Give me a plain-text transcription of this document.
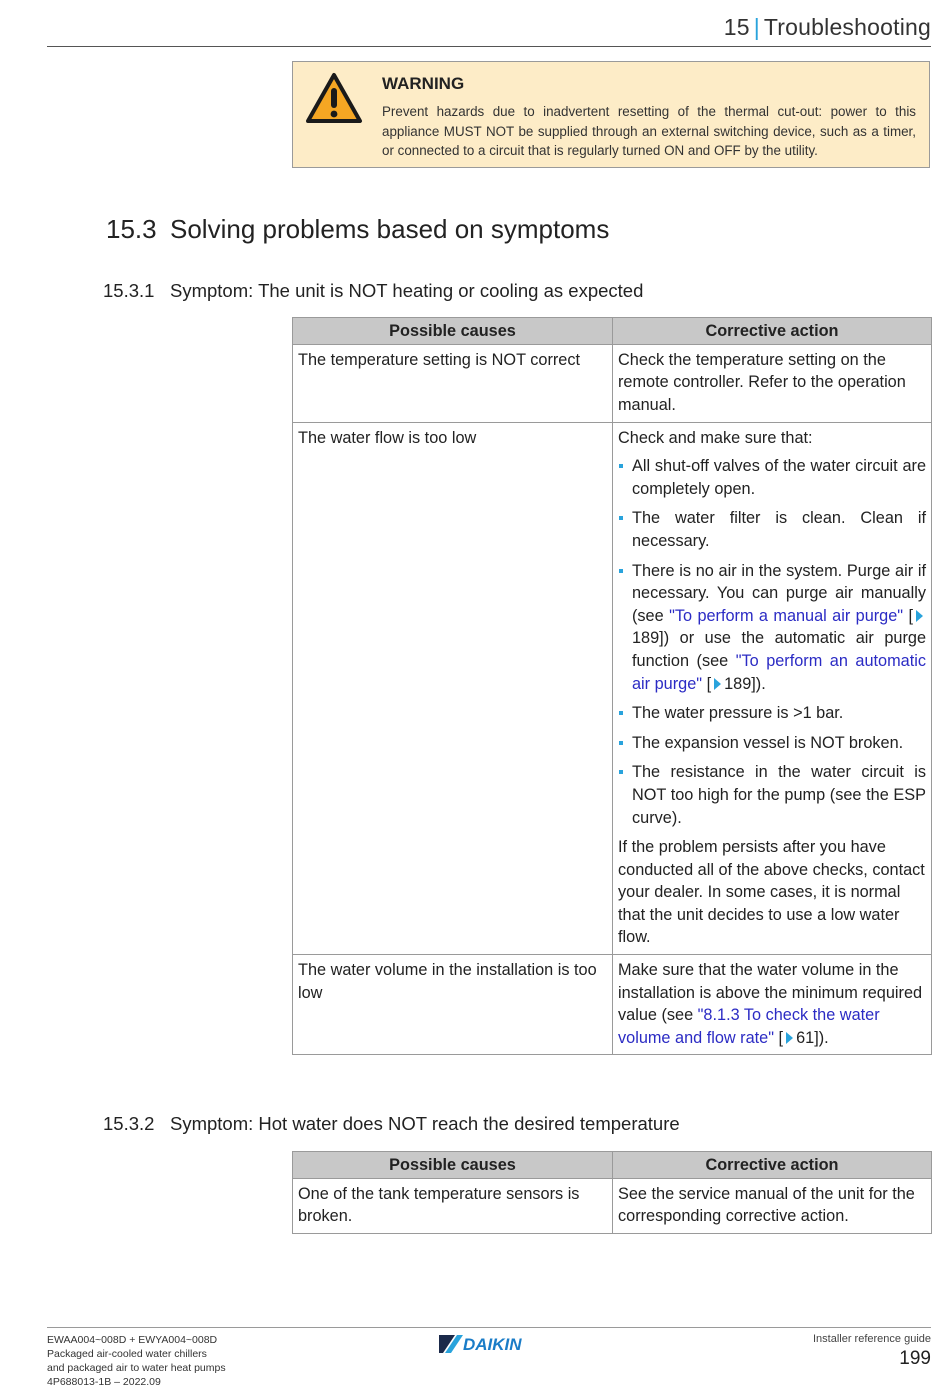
15 | Troubleshooting
WARNING
Prevent hazards due to inadvertent resetting of the thermal cut-out: power to this appliance MUST NOT be supplied through an external switching device, such as a timer, or connected to a circuit that is regularly turned ON and OFF by the utility.
15.3 Solving problems based on symptoms
15.3.1 Symptom: The unit is NOT heating or cooling as expected
Possible causes	Corrective action
The temperature setting is NOT correct	Check the temperature setting on the remote controller. Refer to the operation manual.
The water flow is too low	Check and make sure that:

All shut-off valves of the water circuit are completely open.
The water filter is clean. Clean if necessary.
There is no air in the system. Purge air if necessary. You can purge air manually (see "To perform a manual air purge" [ 189]) or use the automatic air purge function (see "To perform an automatic air purge" [ 189]).
The water pressure is >1 bar.
The expansion vessel is NOT broken.
The resistance in the water circuit is NOT too high for the pump (see the ESP curve).

If the problem persists after you have conducted all of the above checks, contact your dealer. In some cases, it is normal that the unit decides to use a low water flow.

The water volume in the installation is too low	Make sure that the water volume in the installation is above the minimum required value (see "8.1.3 To check the water volume and flow rate" [ 61]).
15.3.2 Symptom: Hot water does NOT reach the desired temperature
Possible causes	Corrective action
One of the tank temperature sensors is broken.	See the service manual of the unit for the corresponding corrective action.
EWAA004~008D + EWYA004~008D
Packaged air-cooled water chillers
and packaged air to water heat pumps
4P688013-1B – 2022.09
DAIKIN	Installer reference guide
199
